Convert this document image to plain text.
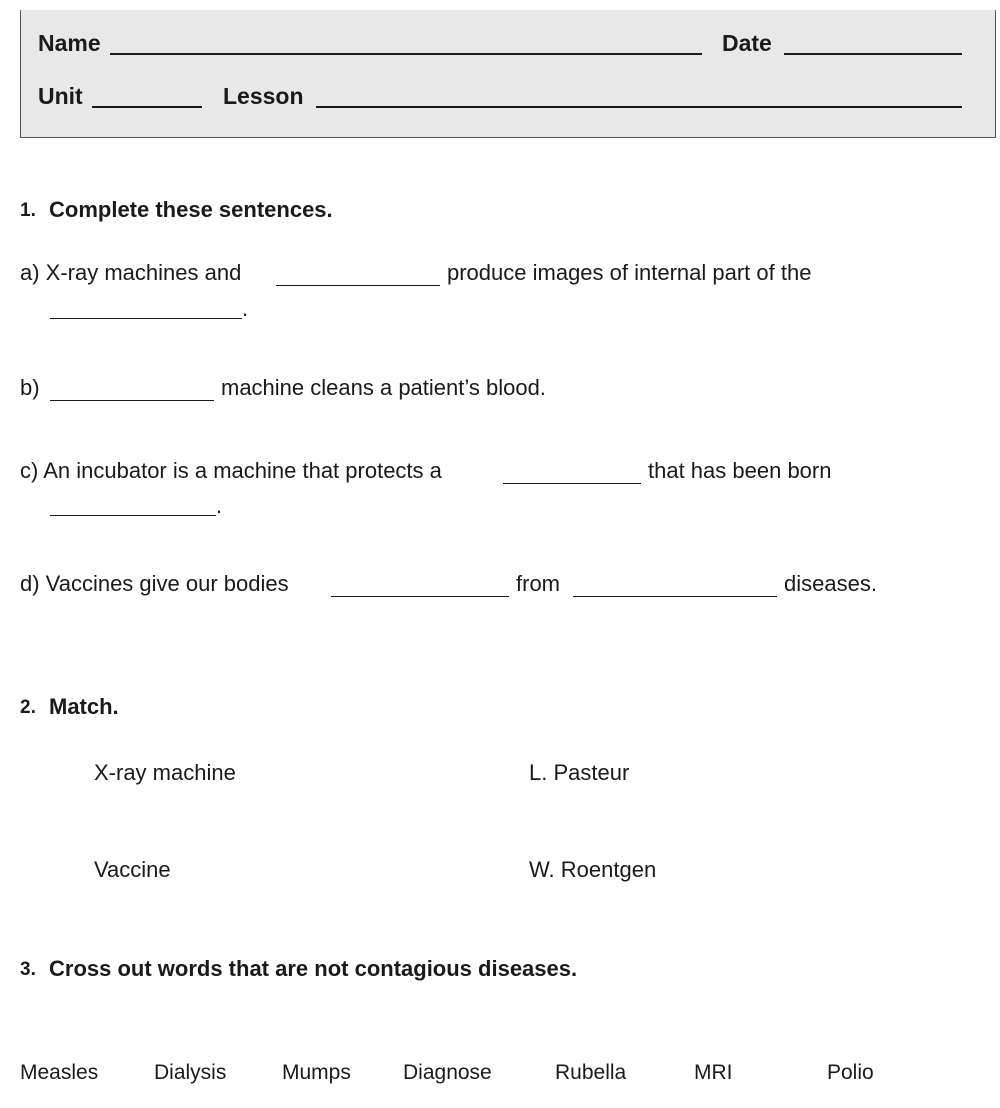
Name	Date
Unit	Lesson
1. Complete these sentences.
a) X-ray machines and	produce images of internal part of the
.
b)	machine cleans a patient’s blood.
c) An incubator is a machine that protects a	that has been born
.
d) Vaccines give our bodies	from	diseases.
2. Match.
X-ray machine	L. Pasteur
Vaccine	W. Roentgen
3. Cross out words that are not contagious diseases.
Measles	Dialysis	Mumps Diagnose	Rubella	MRI	Polio
